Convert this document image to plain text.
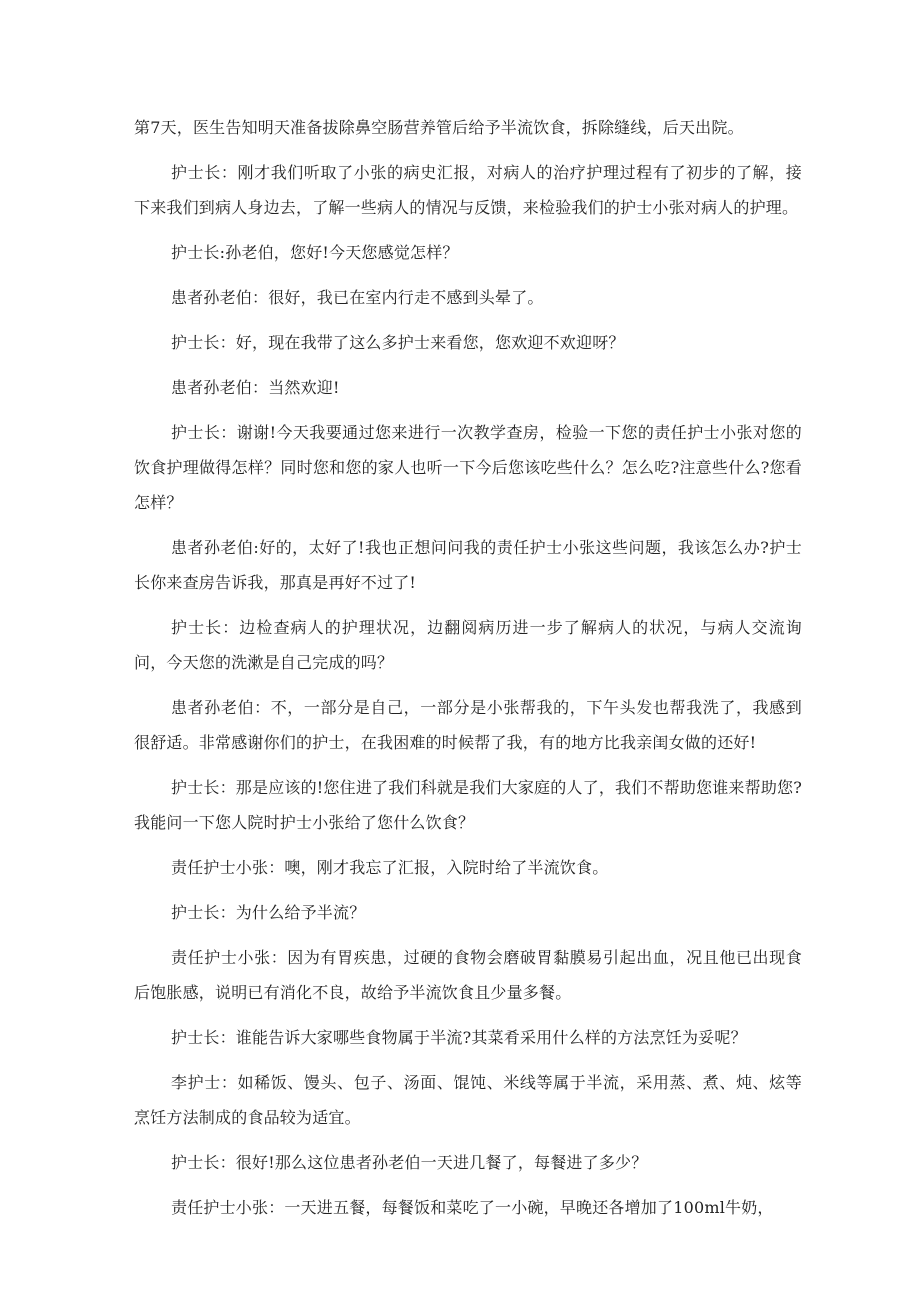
第7天，医生告知明天准备拔除鼻空肠营养管后给予半流饮食，拆除缝线，后天出院。

护士长：刚才我们听取了小张的病史汇报，对病人的治疗护理过程有了初步的了解，接下来我们到病人身边去，了解一些病人的情况与反馈，来检验我们的护士小张对病人的护理。

护士长:孙老伯，您好!今天您感觉怎样？

患者孙老伯：很好，我已在室内行走不感到头晕了。

护士长：好，现在我带了这么多护士来看您，您欢迎不欢迎呀？

患者孙老伯：当然欢迎!

护士长：谢谢!今天我要通过您来进行一次教学查房，检验一下您的责任护士小张对您的饮食护理做得怎样？同时您和您的家人也听一下今后您该吃些什么？怎么吃?注意些什么?您看怎样？

患者孙老伯:好的，太好了!我也正想问问我的责任护士小张这些问题，我该怎么办?护士长你来查房告诉我，那真是再好不过了!

护士长：边检查病人的护理状况，边翻阅病历进一步了解病人的状况，与病人交流询问，今天您的洗漱是自己完成的吗？

患者孙老伯：不，一部分是自己，一部分是小张帮我的，下午头发也帮我洗了，我感到很舒适。非常感谢你们的护士，在我困难的时候帮了我，有的地方比我亲闺女做的还好!

护士长：那是应该的!您住进了我们科就是我们大家庭的人了，我们不帮助您谁来帮助您?我能问一下您人院时护士小张给了您什么饮食？

责任护士小张：噢，刚才我忘了汇报，入院时给了半流饮食。

护士长：为什么给予半流？

责任护士小张：因为有胃疾患，过硬的食物会磨破胃黏膜易引起出血，况且他已出现食后饱胀感，说明已有消化不良，故给予半流饮食且少量多餐。

护士长：谁能告诉大家哪些食物属于半流?其菜肴采用什么样的方法烹饪为妥呢？

李护士：如稀饭、馒头、包子、汤面、馄饨、米线等属于半流，采用蒸、煮、炖、炫等烹饪方法制成的食品较为适宜。

护士长：很好!那么这位患者孙老伯一天进几餐了，每餐进了多少？

责任护士小张：一天进五餐，每餐饭和菜吃了一小碗，早晚还各增加了100ml牛奶，
